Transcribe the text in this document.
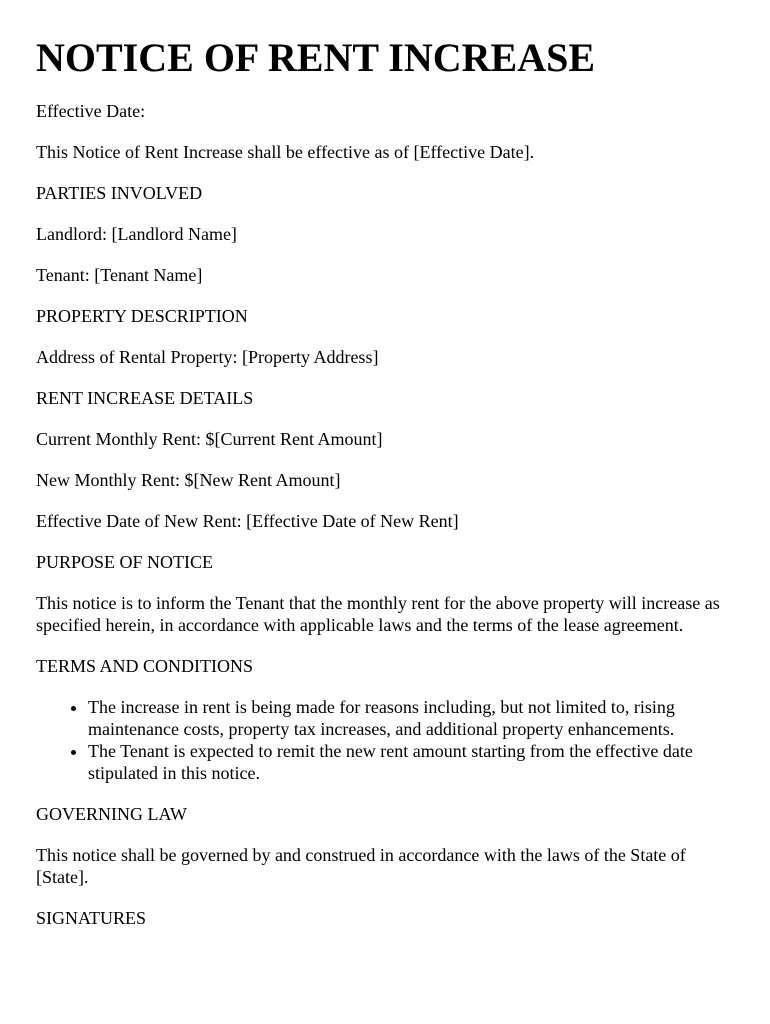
NOTICE OF RENT INCREASE

Effective Date:

This Notice of Rent Increase shall be effective as of [Effective Date].

PARTIES INVOLVED

Landlord: [Landlord Name]

Tenant: [Tenant Name]

PROPERTY DESCRIPTION

Address of Rental Property: [Property Address]

RENT INCREASE DETAILS

Current Monthly Rent: $[Current Rent Amount]

New Monthly Rent: $[New Rent Amount]

Effective Date of New Rent: [Effective Date of New Rent]

PURPOSE OF NOTICE

This notice is to inform the Tenant that the monthly rent for the above property will increase as specified herein, in accordance with applicable laws and the terms of the lease agreement.

TERMS AND CONDITIONS

• The increase in rent is being made for reasons including, but not limited to, rising maintenance costs, property tax increases, and additional property enhancements.
• The Tenant is expected to remit the new rent amount starting from the effective date stipulated in this notice.

GOVERNING LAW

This notice shall be governed by and construed in accordance with the laws of the State of [State].

SIGNATURES
